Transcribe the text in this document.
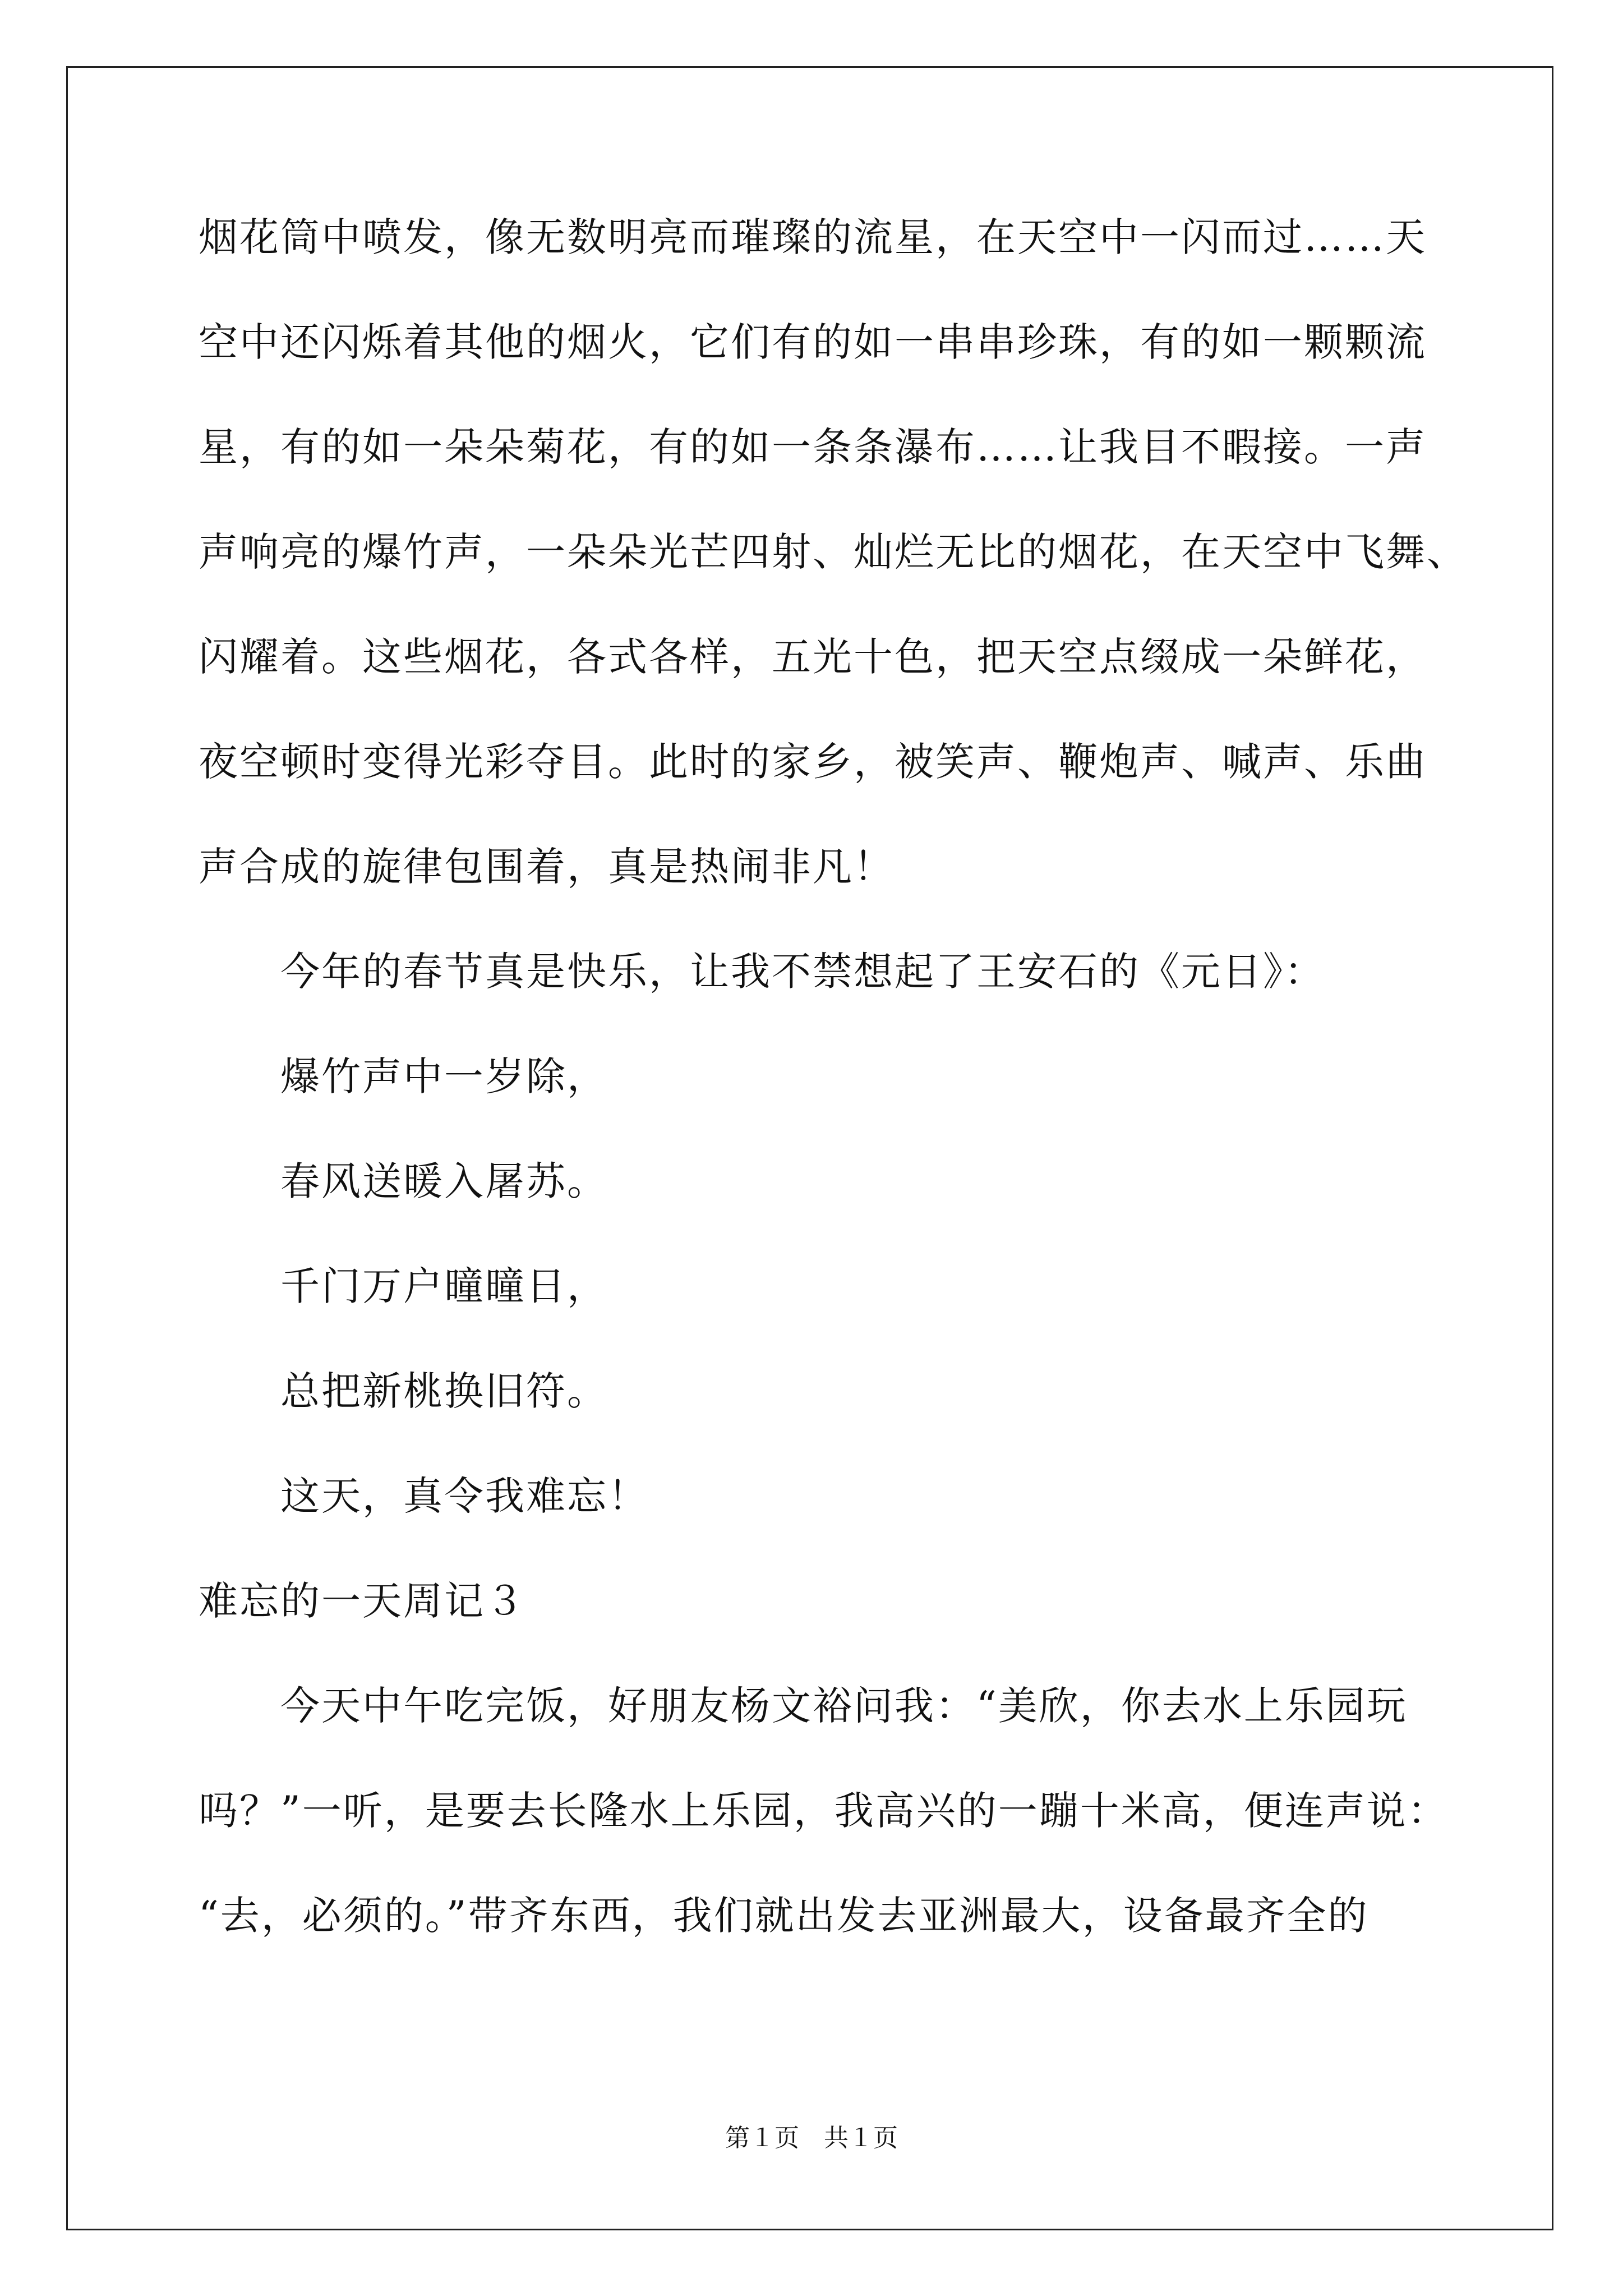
烟花筒中喷发，像无数明亮而璀璨的流星，在天空中一闪而过……天
空中还闪烁着其他的烟火，它们有的如一串串珍珠，有的如一颗颗流
星，有的如一朵朵菊花，有的如一条条瀑布……让我目不暇接。一声
声响亮的爆竹声，一朵朵光芒四射、灿烂无比的烟花，在天空中飞舞、
闪耀着。这些烟花，各式各样，五光十色，把天空点缀成一朵鲜花，
夜空顿时变得光彩夺目。此时的家乡，被笑声、鞭炮声、喊声、乐曲
声合成的旋律包围着，真是热闹非凡！
今年的春节真是快乐，让我不禁想起了王安石的《元日》：
爆竹声中一岁除，
春风送暖入屠苏。
千门万户曈曈日，
总把新桃换旧符。
这天，真令我难忘！
难忘的一天周记３
今天中午吃完饭，好朋友杨文裕问我：“美欣，你去水上乐园玩
吗？”一听，是要去长隆水上乐园，我高兴的一蹦十米高，便连声说：
“去，必须的。”带齐东西，我们就出发去亚洲最大，设备最齐全的
第１页　共１页
